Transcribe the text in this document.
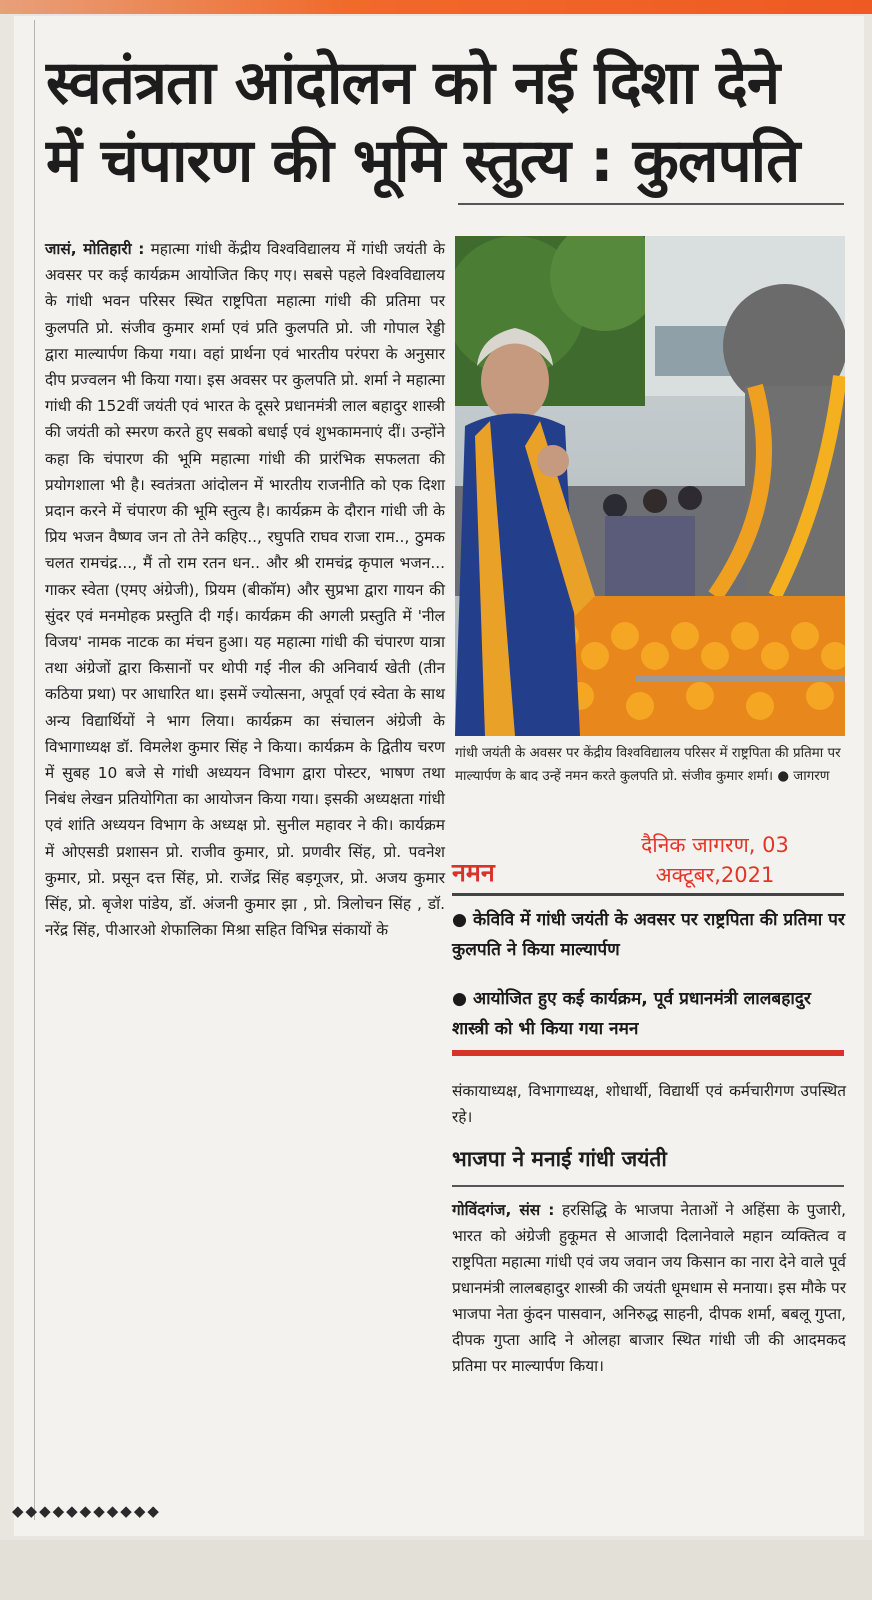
स्वतंत्रता आंदोलन को नई दिशा देने
में चंपारण की भूमि स्तुत्य : कुलपति
जासं, मोतिहारी : महात्मा गांधी केंद्रीय विश्वविद्यालय में गांधी जयंती के अवसर पर कई कार्यक्रम आयोजित किए गए। सबसे पहले विश्वविद्यालय के गांधी भवन परिसर स्थित राष्ट्रपिता महात्मा गांधी की प्रतिमा पर कुलपति प्रो. संजीव कुमार शर्मा एवं प्रति कुलपति प्रो. जी गोपाल रेड्डी द्वारा माल्यार्पण किया गया। वहां प्रार्थना एवं भारतीय परंपरा के अनुसार दीप प्रज्वलन भी किया गया। इस अवसर पर कुलपति प्रो. शर्मा ने महात्मा गांधी की 152वीं जयंती एवं भारत के दूसरे प्रधानमंत्री लाल बहादुर शास्त्री की जयंती को स्मरण करते हुए सबको बधाई एवं शुभकामनाएं दीं। उन्होंने कहा कि चंपारण की भूमि महात्मा गांधी की प्रारंभिक सफलता की प्रयोगशाला भी है। स्वतंत्रता आंदोलन में भारतीय राजनीति को एक दिशा प्रदान करने में चंपारण की भूमि स्तुत्य है। कार्यक्रम के दौरान गांधी जी के प्रिय भजन वैष्णव जन तो तेने कहिए.., रघुपति राघव राजा राम.., ठुमक चलत रामचंद्र..., मैं तो राम रतन धन.. और श्री रामचंद्र कृपाल भजन... गाकर स्वेता (एमए अंग्रेजी), प्रियम (बीकॉम) और सुप्रभा द्वारा गायन की सुंदर एवं मनमोहक प्रस्तुति दी गई। कार्यक्रम की अगली प्रस्तुति में 'नील विजय' नामक नाटक का मंचन हुआ। यह महात्मा गांधी की चंपारण यात्रा तथा अंग्रेजों द्वारा किसानों पर थोपी गई नील की अनिवार्य खेती (तीन कठिया प्रथा) पर आधारित था। इसमें ज्योत्सना, अपूर्वा एवं स्वेता के साथ अन्य विद्यार्थियों ने भाग लिया। कार्यक्रम का संचालन अंग्रेजी के विभागाध्यक्ष डॉ. विमलेश कुमार सिंह ने किया। कार्यक्रम के द्वितीय चरण में सुबह 10 बजे से गांधी अध्ययन विभाग द्वारा पोस्टर, भाषण तथा निबंध लेखन प्रतियोगिता का आयोजन किया गया। इसकी अध्यक्षता गांधी एवं शांति अध्ययन विभाग के अध्यक्ष प्रो. सुनील महावर ने की। कार्यक्रम में ओएसडी प्रशासन प्रो. राजीव कुमार, प्रो. प्रणवीर सिंह, प्रो. पवनेश कुमार, प्रो. प्रसून दत्त सिंह, प्रो. राजेंद्र सिंह बड़गूजर, प्रो. अजय कुमार सिंह, प्रो. बृजेश पांडेय, डॉ. अंजनी कुमार झा , प्रो. त्रिलोचन सिंह , डॉ. नरेंद्र सिंह, पीआरओ शेफालिका मिश्रा सहित विभिन्न संकायों के
गांधी जयंती के अवसर पर केंद्रीय विश्वविद्यालय परिसर में राष्ट्रपिता की प्रतिमा पर माल्यार्पण के बाद उन्हें नमन करते कुलपति प्रो. संजीव कुमार शर्मा। ● जागरण
दैनिक जागरण, 03
अक्टूबर,2021
नमन
● केविवि में गांधी जयंती के अवसर पर राष्ट्रपिता की प्रतिमा पर कुलपति ने किया माल्यार्पण
● आयोजित हुए कई कार्यक्रम, पूर्व प्रधानमंत्री लालबहादुर शास्त्री को भी किया गया नमन
संकायाध्यक्ष, विभागाध्यक्ष, शोधार्थी, विद्यार्थी एवं कर्मचारीगण उपस्थित रहे।
भाजपा ने मनाई गांधी जयंती
गोविंदगंज, संस : हरसिद्धि के भाजपा नेताओं ने अहिंसा के पुजारी, भारत को अंग्रेजी हुकूमत से आजादी दिलानेवाले महान व्यक्तित्व व राष्ट्रपिता महात्मा गांधी एवं जय जवान जय किसान का नारा देने वाले पूर्व प्रधानमंत्री लालबहादुर शास्त्री की जयंती धूमधाम से मनाया। इस मौके पर भाजपा नेता कुंदन पासवान, अनिरुद्ध साहनी, दीपक शर्मा, बबलू गुप्ता, दीपक गुप्ता आदि ने ओलहा बाजार स्थित गांधी जी की आदमकद प्रतिमा पर माल्यार्पण किया।
◆◆◆◆◆◆◆◆◆◆◆
